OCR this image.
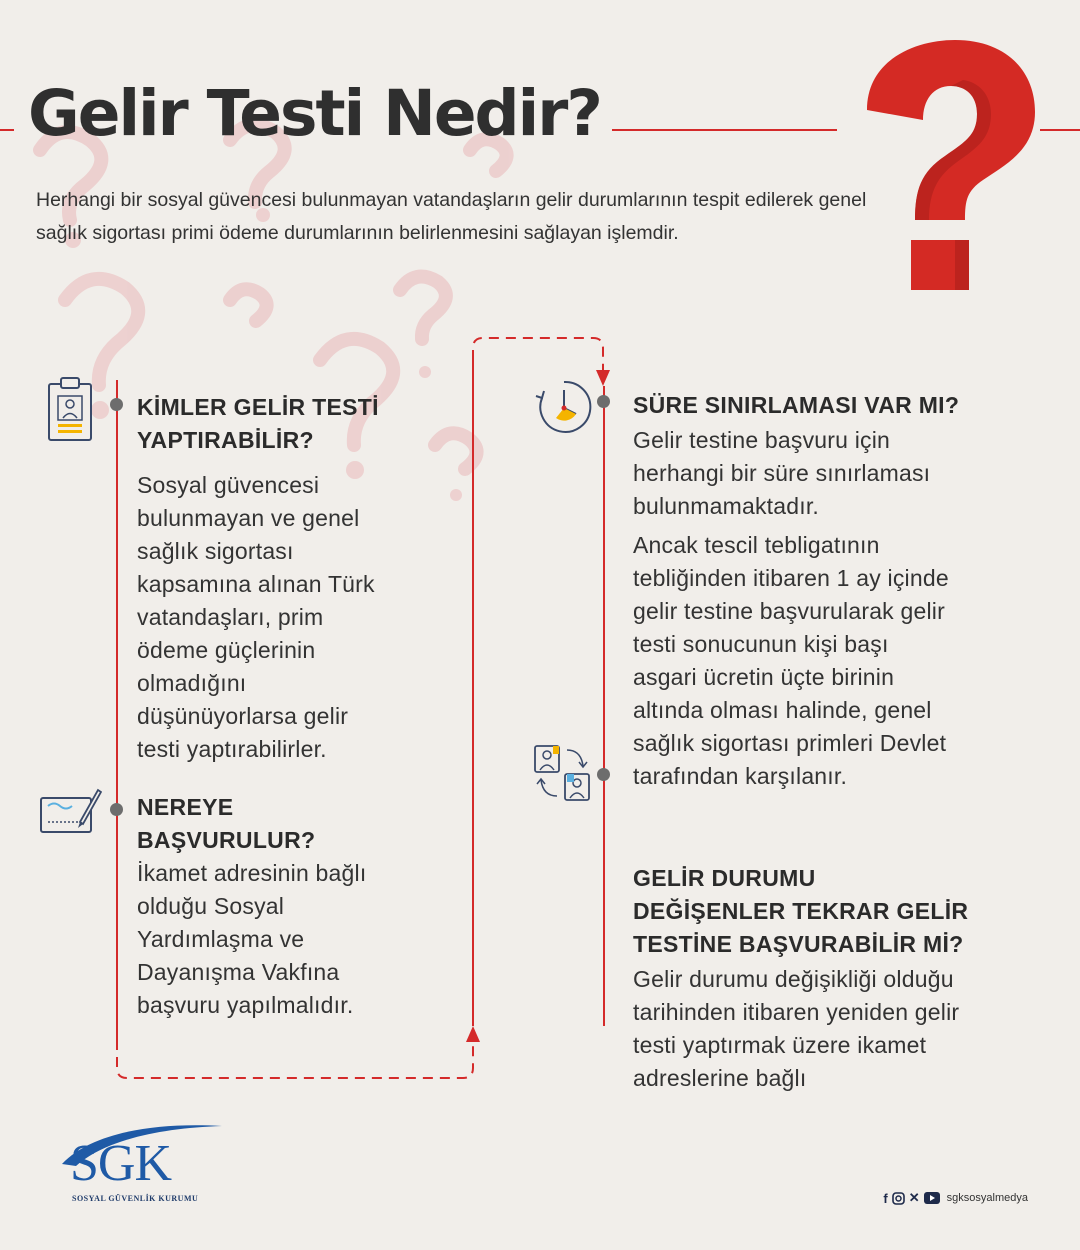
Gelir Testi Nedir?

Herhangi bir sosyal güvencesi bulunmayan vatandaşların gelir durumlarının tespit edilerek genel sağlık sigortası primi ödeme durumlarının belirlenmesini sağlayan işlemdir.

KİMLER GELİR TESTİ YAPTIRABİLİR?

Sosyal güvencesi bulunmayan ve genel sağlık sigortası kapsamına alınan Türk vatandaşları, prim ödeme güçlerinin olmadığını düşünüyorlarsa gelir testi yaptırabilirler.

NEREYE BAŞVURULUR?

İkamet adresinin bağlı olduğu Sosyal Yardımlaşma ve Dayanışma Vakfına başvuru yapılmalıdır.

SÜRE SINIRLAMASI VAR MI?

Gelir testine başvuru için herhangi bir süre sınırlaması bulunmamaktadır.

Ancak tescil tebligatının tebliğinden itibaren 1 ay içinde gelir testine başvurularak gelir testi sonucunun kişi başı asgari ücretin üçte birinin altında olması halinde, genel sağlık sigortası primleri Devlet tarafından karşılanır.

GELİR DURUMU DEĞİŞENLER TEKRAR GELİR TESTİNE BAŞVURABİLİR Mİ?

Gelir durumu değişikliği olduğu tarihinden itibaren yeniden gelir testi yaptırmak üzere ikamet adreslerine bağlı

SGK
SOSYAL GÜVENLİK KURUMU	f ✕ sgksosyalmedya
